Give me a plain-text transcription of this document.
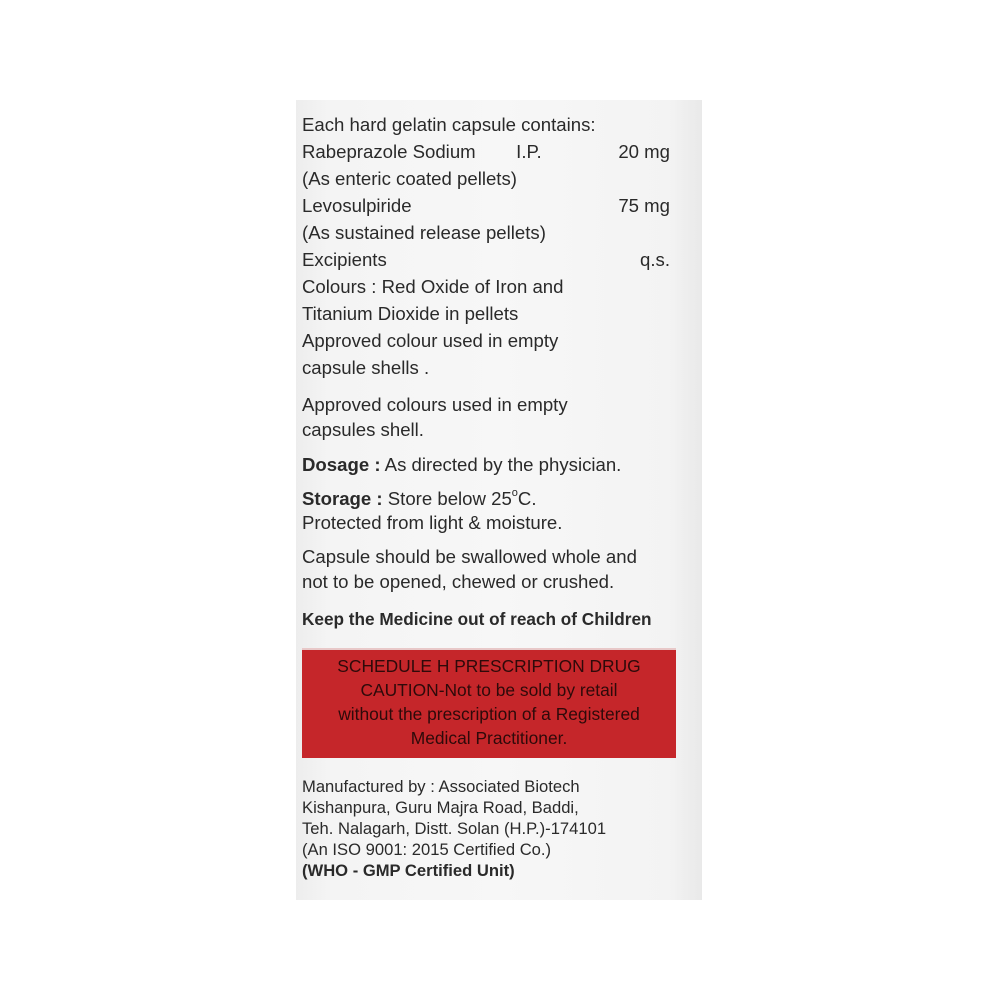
Each hard gelatin capsule contains:
Rabeprazole Sodium	I.P.	20 mg
(As enteric coated pellets)
Levosulpiride	75 mg
(As sustained release pellets)
Excipients	q.s.
Colours : Red Oxide of Iron and
Titanium Dioxide in pellets
Approved colour used in empty
capsule shells .
Approved colours used in empty
capsules shell.
Dosage : As directed by the physician.
Storage : Store below 25$^o$C.
Protected from light & moisture.
Capsule should be swallowed whole and
not to be opened, chewed or crushed.
Keep the Medicine out of reach of Children
SCHEDULE H PRESCRIPTION DRUG
CAUTION-Not to be sold by retail
without the prescription of a Registered
Medical Practitioner.
Manufactured by : Associated Biotech
Kishanpura, Guru Majra Road, Baddi,
Teh. Nalagarh, Distt. Solan (H.P.)-174101
(An ISO 9001: 2015 Certified Co.)
(WHO - GMP Certified Unit)
